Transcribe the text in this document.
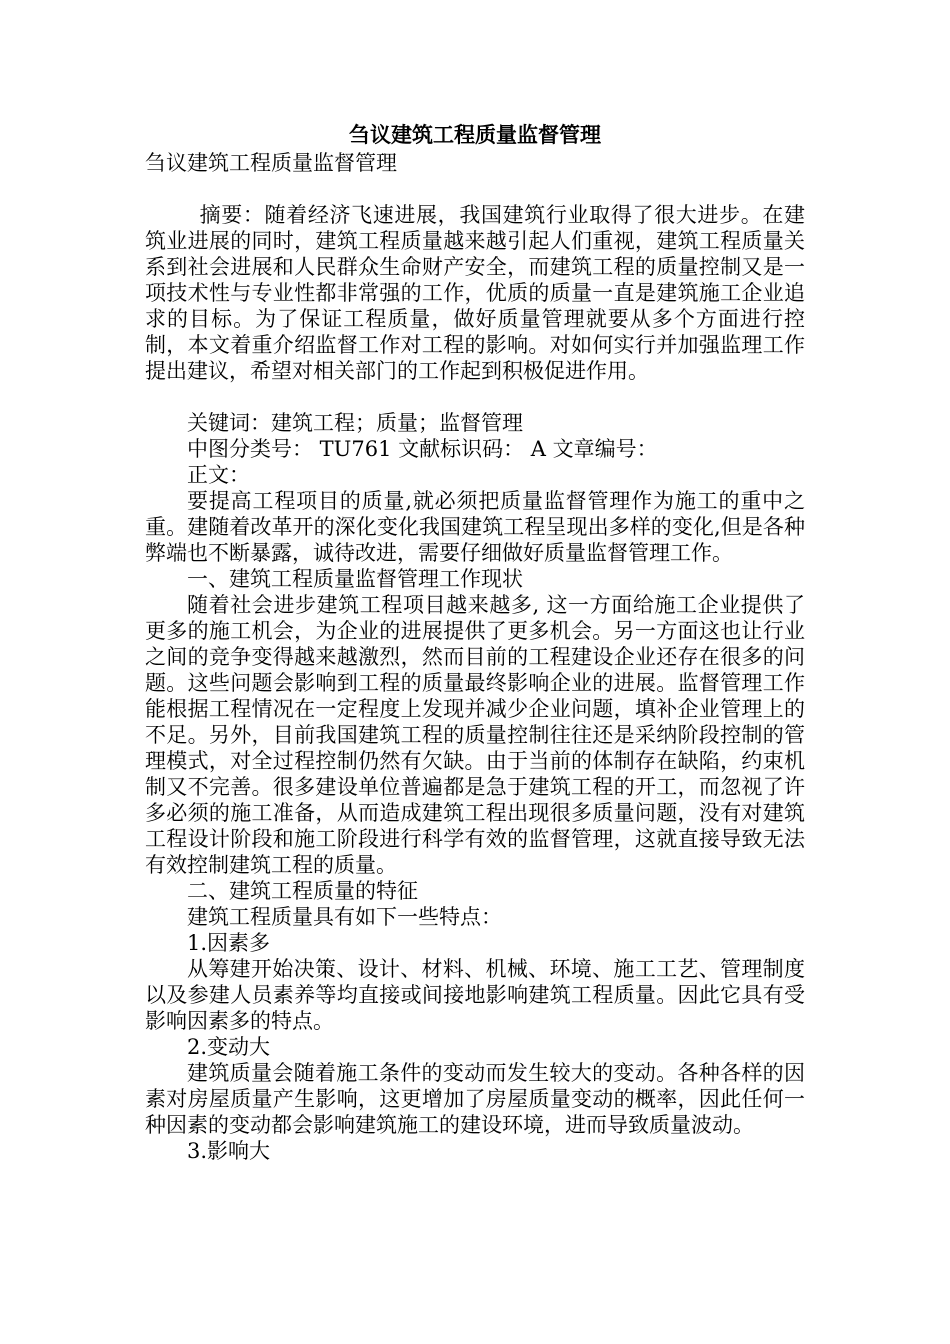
刍议建筑工程质量监督管理

刍议建筑工程质量监督管理

摘要：随着经济飞速进展，我国建筑行业取得了很大进步。在建筑业进展的同时，建筑工程质量越来越引起人们重视，建筑工程质量关系到社会进展和人民群众生命财产安全，而建筑工程的质量控制又是一项技术性与专业性都非常强的工作，优质的质量一直是建筑施工企业追求的目标。为了保证工程质量，做好质量管理就要从多个方面进行控制，本文着重介绍监督工作对工程的影响。对如何实行并加强监理工作提出建议，希望对相关部门的工作起到积极促进作用。

关键词：建筑工程；质量；监督管理

中图分类号： TU761 文献标识码： A 文章编号：

正文：

要提高工程项目的质量,就必须把质量监督管理作为施工的重中之重。建随着改革开的深化变化我国建筑工程呈现出多样的变化,但是各种弊端也不断暴露，诚待改进，需要仔细做好质量监督管理工作。

一、建筑工程质量监督管理工作现状

随着社会进步建筑工程项目越来越多, 这一方面给施工企业提供了更多的施工机会，为企业的进展提供了更多机会。另一方面这也让行业之间的竞争变得越来越激烈，然而目前的工程建设企业还存在很多的问题。这些问题会影响到工程的质量最终影响企业的进展。监督管理工作能根据工程情况在一定程度上发现并减少企业问题，填补企业管理上的不足。另外，目前我国建筑工程的质量控制往往还是采纳阶段控制的管理模式，对全过程控制仍然有欠缺。由于当前的体制存在缺陷，约束机制又不完善。很多建设单位普遍都是急于建筑工程的开工，而忽视了许多必须的施工准备，从而造成建筑工程出现很多质量问题，没有对建筑工程设计阶段和施工阶段进行科学有效的监督管理，这就直接导致无法有效控制建筑工程的质量。

二、建筑工程质量的特征

建筑工程质量具有如下一些特点：

1.因素多

从筹建开始决策、设计、材料、机械、环境、施工工艺、管理制度以及参建人员素养等均直接或间接地影响建筑工程质量。因此它具有受影响因素多的特点。

2.变动大

建筑质量会随着施工条件的变动而发生较大的变动。各种各样的因素对房屋质量产生影响，这更增加了房屋质量变动的概率，因此任何一种因素的变动都会影响建筑施工的建设环境，进而导致质量波动。

3.影响大
